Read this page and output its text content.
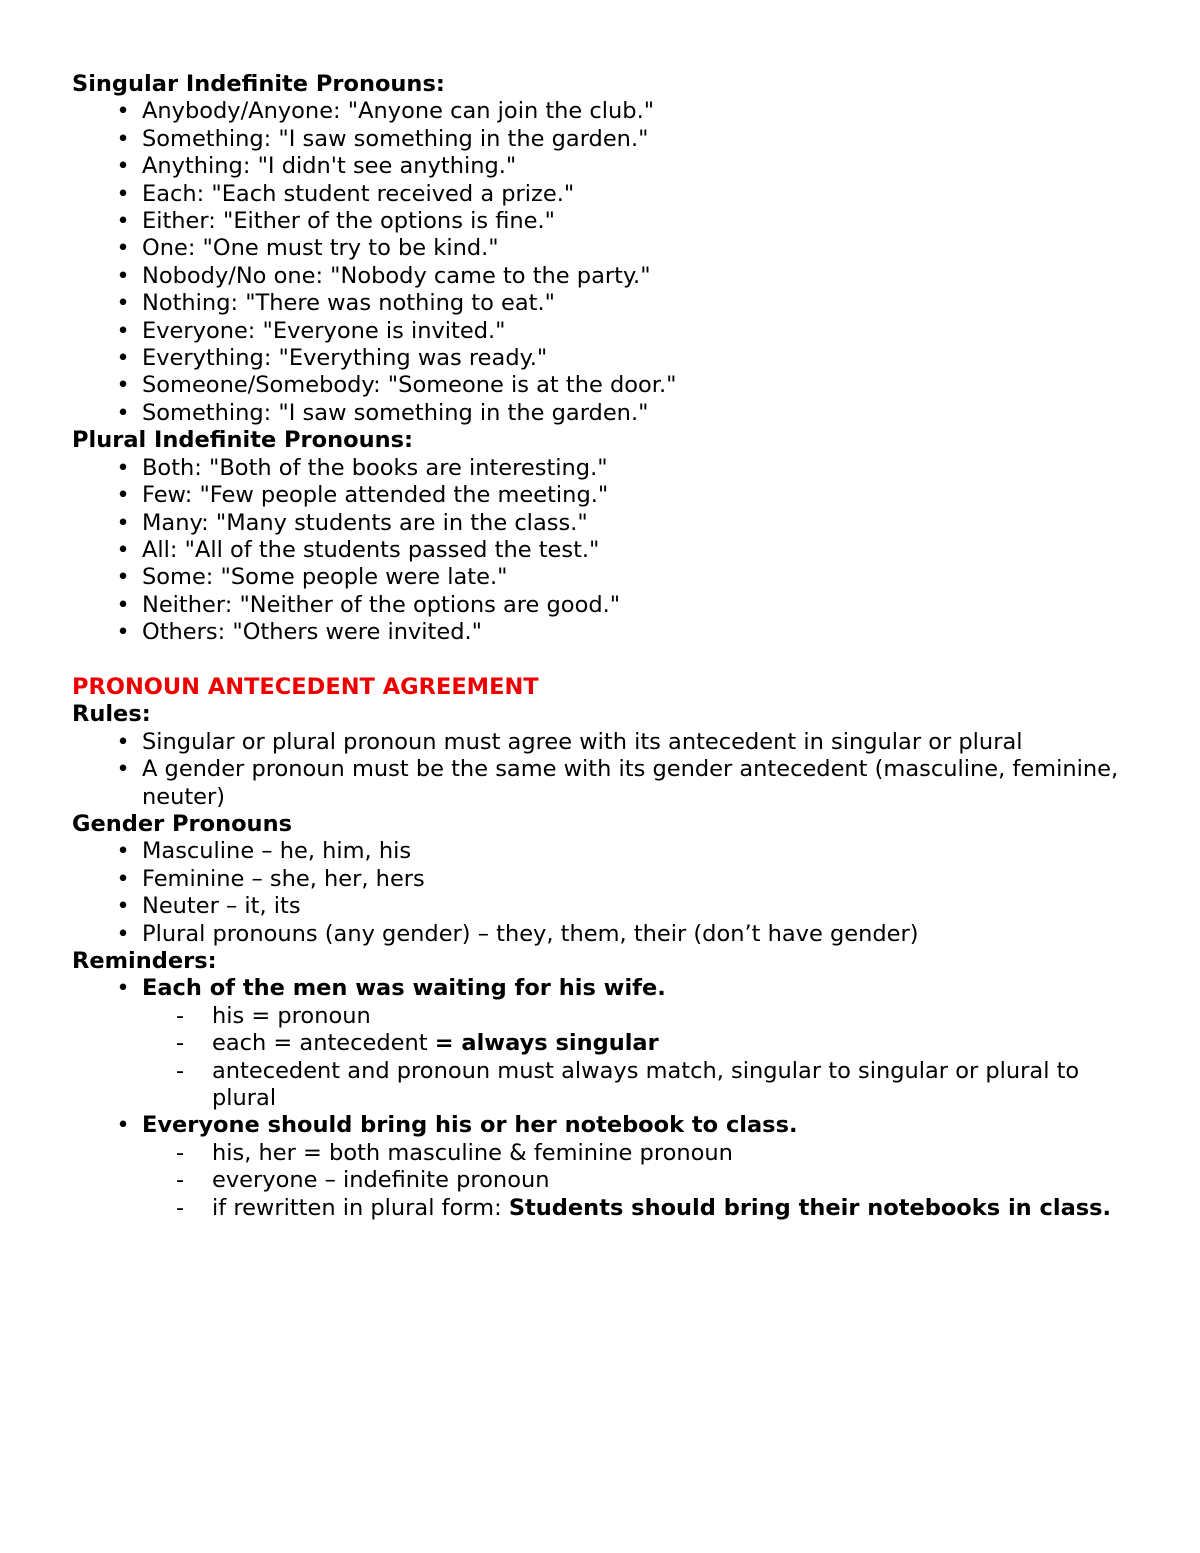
Singular Indefinite Pronouns:
• Anybody/Anyone: "Anyone can join the club."
• Something: "I saw something in the garden."
• Anything: "I didn't see anything."
• Each: "Each student received a prize."
• Either: "Either of the options is fine."
• One: "One must try to be kind."
• Nobody/No one: "Nobody came to the party."
• Nothing: "There was nothing to eat."
• Everyone: "Everyone is invited."
• Everything: "Everything was ready."
• Someone/Somebody: "Someone is at the door."
• Something: "I saw something in the garden."
Plural Indefinite Pronouns:
• Both: "Both of the books are interesting."
• Few: "Few people attended the meeting."
• Many: "Many students are in the class."
• All: "All of the students passed the test."
• Some: "Some people were late."
• Neither: "Neither of the options are good."
• Others: "Others were invited."
PRONOUN ANTECEDENT AGREEMENT
Rules:
• Singular or plural pronoun must agree with its antecedent in singular or plural
• A gender pronoun must be the same with its gender antecedent (masculine, feminine, neuter)
Gender Pronouns
• Masculine – he, him, his
• Feminine – she, her, hers
• Neuter – it, its
• Plural pronouns (any gender) – they, them, their (don’t have gender)
Reminders:
• Each of the men was waiting for his wife.
- his = pronoun
- each = antecedent = always singular
- antecedent and pronoun must always match, singular to singular or plural to plural
• Everyone should bring his or her notebook to class.
- his, her = both masculine & feminine pronoun
- everyone – indefinite pronoun
- if rewritten in plural form: Students should bring their notebooks in class.
